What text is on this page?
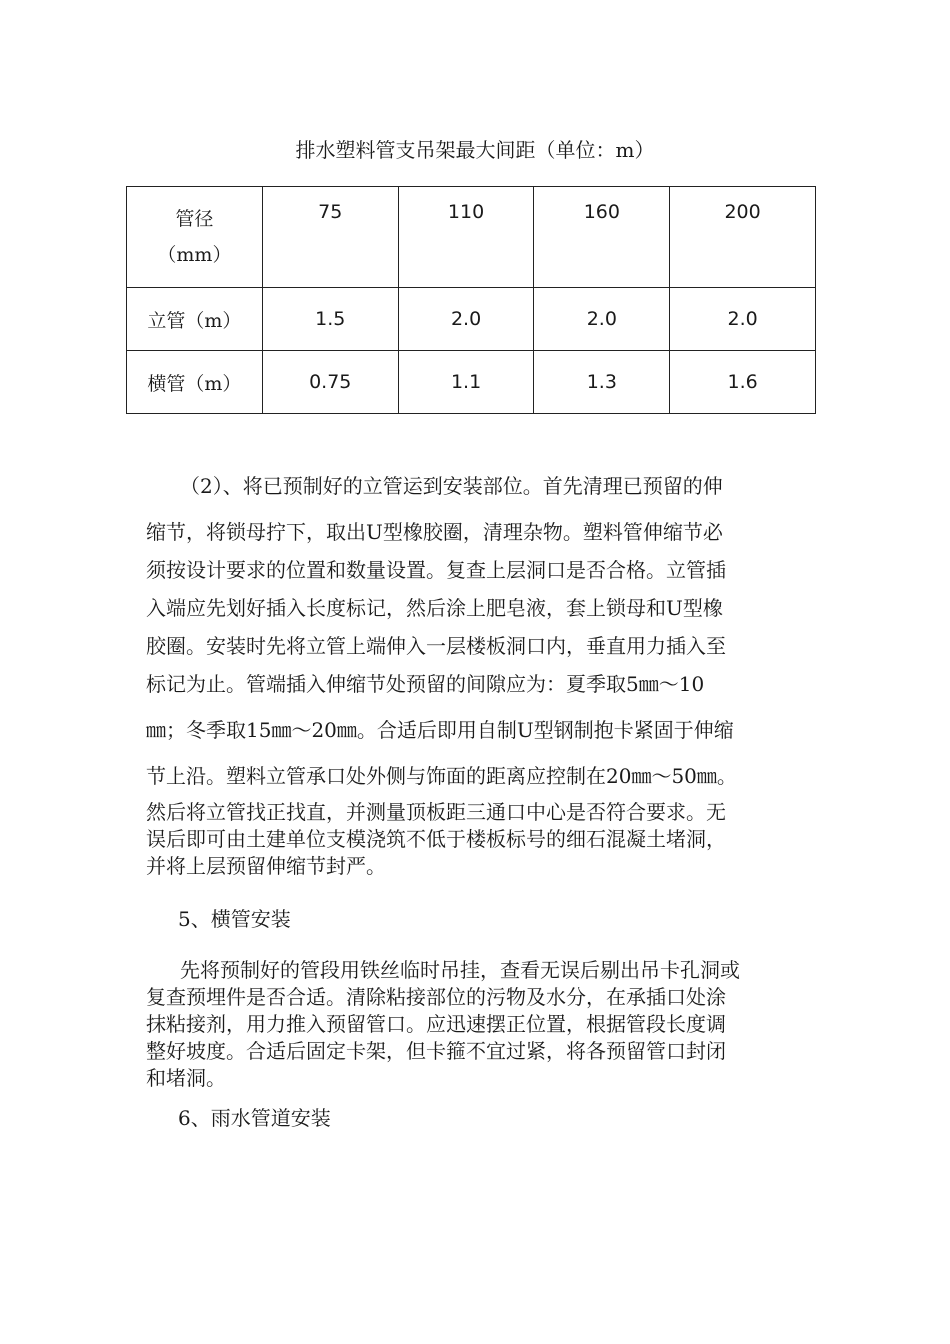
排水塑料管支吊架最大间距（单位：m）
管径
（mm）	75	110	160	200
立管（m）	1.5	2.0	2.0	2.0
横管（m）	0.75	1.1	1.3	1.6
（2）、将已预制好的立管运到安装部位。首先清理已预留的伸
缩节，将锁母拧下，取出U型橡胶圈，清理杂物。塑料管伸缩节必
须按设计要求的位置和数量设置。复查上层洞口是否合格。立管插
入端应先划好插入长度标记，然后涂上肥皂液，套上锁母和U型橡
胶圈。安装时先将立管上端伸入一层楼板洞口内，垂直用力插入至
标记为止。管端插入伸缩节处预留的间隙应为：夏季取5㎜～10
㎜；冬季取15㎜～20㎜。合适后即用自制U型钢制抱卡紧固于伸缩
节上沿。塑料立管承口处外侧与饰面的距离应控制在20㎜～50㎜。
然后将立管找正找直，并测量顶板距三通口中心是否符合要求。无
误后即可由土建单位支模浇筑不低于楼板标号的细石混凝土堵洞，
并将上层预留伸缩节封严。
5、横管安装
先将预制好的管段用铁丝临时吊挂，查看无误后剔出吊卡孔洞或
复查预埋件是否合适。清除粘接部位的污物及水分，在承插口处涂
抹粘接剂，用力推入预留管口。应迅速摆正位置，根据管段长度调
整好坡度。合适后固定卡架，但卡箍不宜过紧，将各预留管口封闭
和堵洞。
6、雨水管道安装
